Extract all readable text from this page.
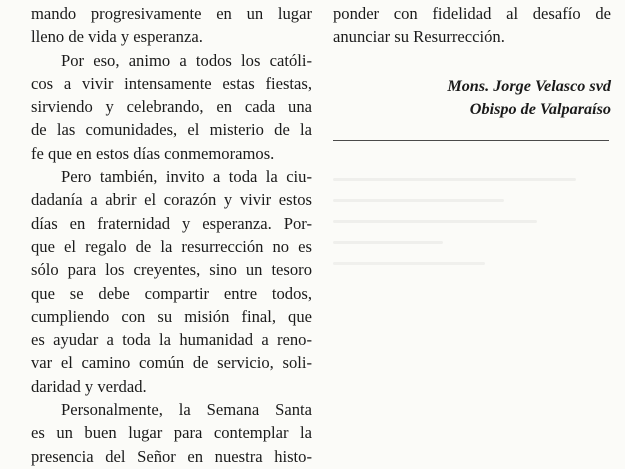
mando progresivamente en un lugar
lleno de vida y esperanza.
Por eso, animo a todos los católi-
cos a vivir intensamente estas fiestas,
sirviendo y celebrando, en cada una
de las comunidades, el misterio de la
fe que en estos días conmemoramos.
Pero también, invito a toda la ciu-
dadanía a abrir el corazón y vivir estos
días en fraternidad y esperanza. Por-
que el regalo de la resurrección no es
sólo para los creyentes, sino un tesoro
que se debe compartir entre todos,
cumpliendo con su misión final, que
es ayudar a toda la humanidad a reno-
var el camino común de servicio, soli-
daridad y verdad.
Personalmente, la Semana Santa
es un buen lugar para contemplar la
presencia del Señor en nuestra histo-
ponder con fidelidad al desafío de
anunciar su Resurrección.
Mons. Jorge Velasco svd
Obispo de Valparaíso
